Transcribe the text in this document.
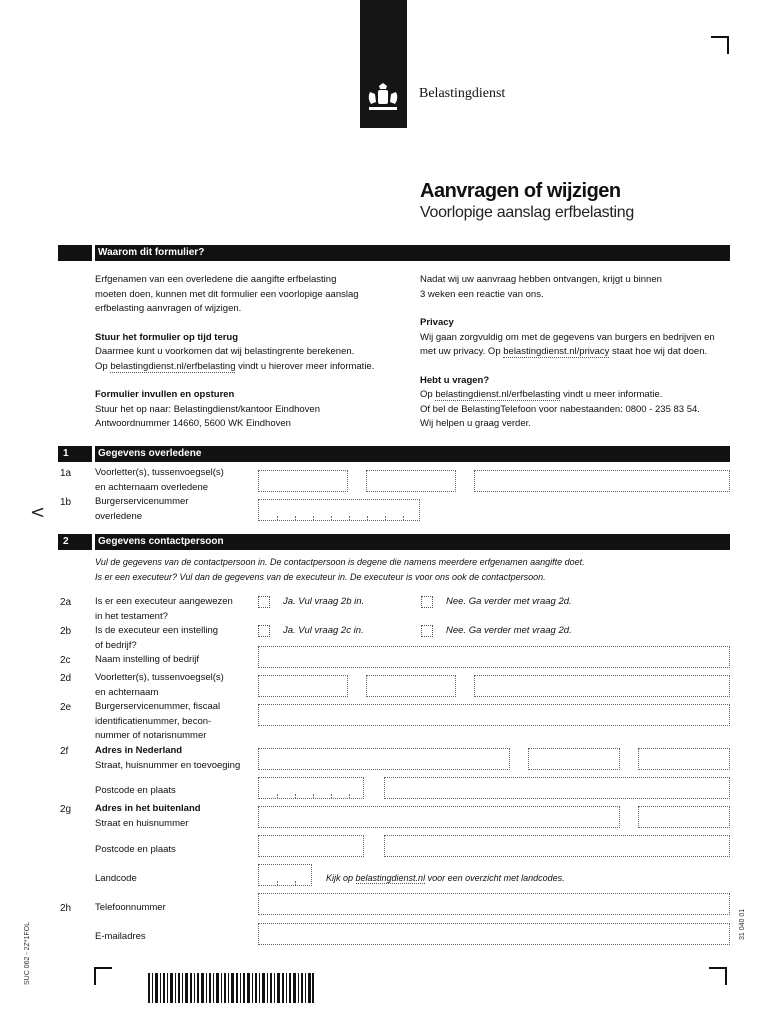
Belastingdienst
Aanvragen of wijzigen
Voorlopige aanslag erfbelasting
Waarom dit formulier?
Erfgenamen van een overledene die aangifte erfbelasting
moeten doen, kunnen met dit formulier een voorlopige aanslag
erfbelasting aanvragen of wijzigen.
Stuur het formulier op tijd terug
Daarmee kunt u voorkomen dat wij belastingrente berekenen.
Op belastingdienst.nl/erfbelasting vindt u hierover meer informatie.
Formulier invullen en opsturen
Stuur het op naar: Belastingdienst/kantoor Eindhoven
Antwoordnummer 14660, 5600 WK Eindhoven
Nadat wij uw aanvraag hebben ontvangen, krijgt u binnen
3 weken een reactie van ons.
Privacy
Wij gaan zorgvuldig om met de gegevens van burgers en bedrijven en
met uw privacy. Op belastingdienst.nl/privacy staat hoe wij dat doen.
Hebt u vragen?
Op belastingdienst.nl/erfbelasting vindt u meer informatie.
Of bel de BelastingTelefoon voor nabestaanden: 0800 - 235 83 54.
Wij helpen u graag verder.
1	Gegevens overledene
1a	Voorletter(s), tussenvoegsel(s)
en achternaam overledene
1b	Burgerservicenummer
overledene
<
2	Gegevens contactpersoon
Vul de gegevens van de contactpersoon in. De contactpersoon is degene die namens meerdere erfgenamen aangifte doet.
Is er een executeur? Vul dan de gegevens van de executeur in. De executeur is voor ons ook de contactpersoon.
2a	Is er een executeur aangewezen
in het testament?
Ja. Vul vraag 2b in.	Nee. Ga verder met vraag 2d.
2b	Is de executeur een instelling
of bedrijf?
Ja. Vul vraag 2c in.	Nee. Ga verder met vraag 2d.
2c	Naam instelling of bedrijf
2d	Voorletter(s), tussenvoegsel(s)
en achternaam
2e	Burgerservicenummer, fiscaal
identificatienummer, becon-
nummer of notarisnummer
2f	Adres in Nederland
Straat, huisnummer en toevoeging
Postcode en plaats
2g	Adres in het buitenland
Straat en huisnummer
Postcode en plaats
Landcode	Kijk op belastingdienst.nl voor een overzicht met landcodes.
2h	Telefoonnummer
E-mailadres
SUC 062 - 2Z*1FOL	31 040 01
